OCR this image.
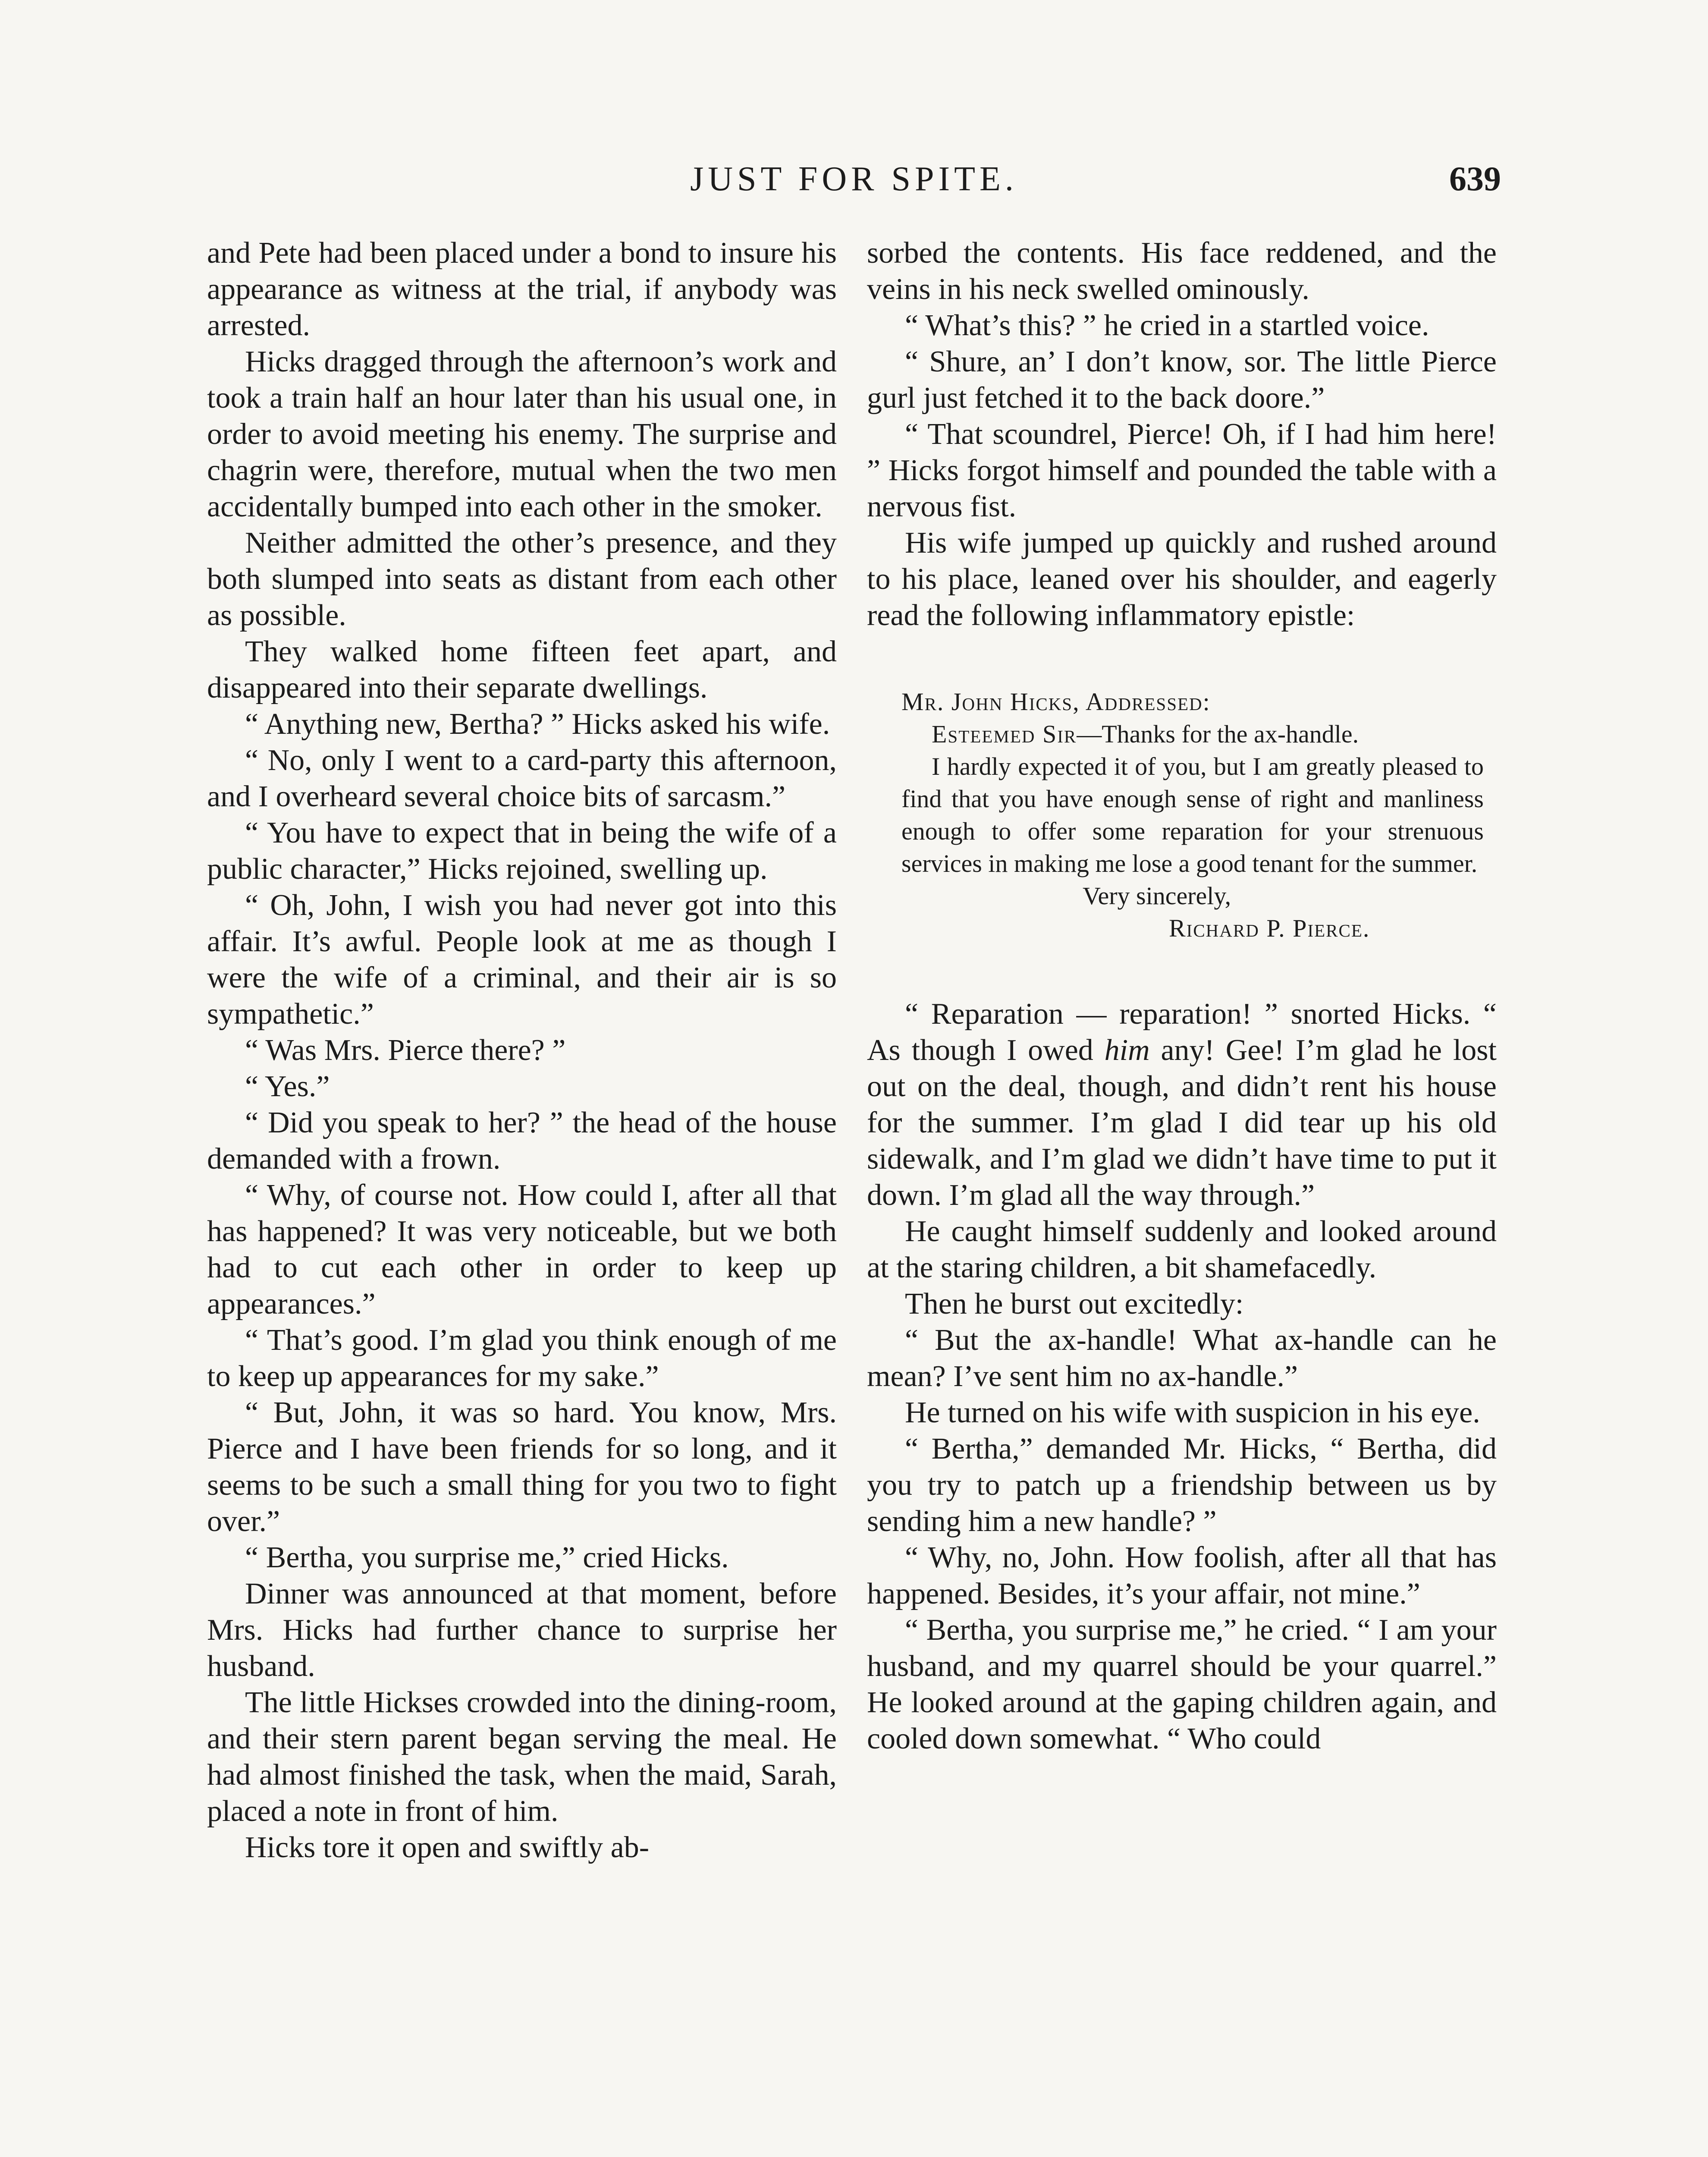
JUST FOR SPITE.	639

and Pete had been placed under a bond to insure his appearance as witness at the trial, if anybody was arrested.

Hicks dragged through the afternoon’s work and took a train half an hour later than his usual one, in order to avoid meeting his enemy. The surprise and chagrin were, therefore, mutual when the two men accidentally bumped into each other in the smoker.

Neither admitted the other’s presence, and they both slumped into seats as distant from each other as possible.

They walked home fifteen feet apart, and disappeared into their separate dwellings.

“ Anything new, Bertha? ” Hicks asked his wife.

“ No, only I went to a card-party this afternoon, and I overheard several choice bits of sarcasm.”

“ You have to expect that in being the wife of a public character,” Hicks rejoined, swelling up.

“ Oh, John, I wish you had never got into this affair. It’s awful. People look at me as though I were the wife of a criminal, and their air is so sympathetic.”

“ Was Mrs. Pierce there? ”

“ Yes.”

“ Did you speak to her? ” the head of the house demanded with a frown.

“ Why, of course not. How could I, after all that has happened? It was very noticeable, but we both had to cut each other in order to keep up appearances.”

“ That’s good. I’m glad you think enough of me to keep up appearances for my sake.”

“ But, John, it was so hard. You know, Mrs. Pierce and I have been friends for so long, and it seems to be such a small thing for you two to fight over.”

“ Bertha, you surprise me,” cried Hicks.

Dinner was announced at that moment, before Mrs. Hicks had further chance to surprise her husband.

The little Hickses crowded into the dining-room, and their stern parent began serving the meal. He had almost finished the task, when the maid, Sarah, placed a note in front of him.

Hicks tore it open and swiftly ab-

sorbed the contents. His face reddened, and the veins in his neck swelled ominously.

“ What’s this? ” he cried in a startled voice.

“ Shure, an’ I don’t know, sor. The little Pierce gurl just fetched it to the back doore.”

“ That scoundrel, Pierce! Oh, if I had him here! ” Hicks forgot himself and pounded the table with a nervous fist.

His wife jumped up quickly and rushed around to his place, leaned over his shoulder, and eagerly read the following inflammatory epistle:

Mr. John Hicks, Addressed:

Esteemed Sir—Thanks for the ax-handle.

I hardly expected it of you, but I am greatly pleased to find that you have enough sense of right and manliness enough to offer some reparation for your strenuous services in making me lose a good tenant for the summer.

Very sincerely,

Richard P. Pierce.

“ Reparation — reparation! ” snorted Hicks. “ As though I owed him any! Gee! I’m glad he lost out on the deal, though, and didn’t rent his house for the summer. I’m glad I did tear up his old sidewalk, and I’m glad we didn’t have time to put it down. I’m glad all the way through.”

He caught himself suddenly and looked around at the staring children, a bit shamefacedly.

Then he burst out excitedly:

“ But the ax-handle! What ax-handle can he mean? I’ve sent him no ax-handle.”

He turned on his wife with suspicion in his eye.

“ Bertha,” demanded Mr. Hicks, “ Bertha, did you try to patch up a friendship between us by sending him a new handle? ”

“ Why, no, John. How foolish, after all that has happened. Besides, it’s your affair, not mine.”

“ Bertha, you surprise me,” he cried. “ I am your husband, and my quarrel should be your quarrel.” He looked around at the gaping children again, and cooled down somewhat. “ Who could
